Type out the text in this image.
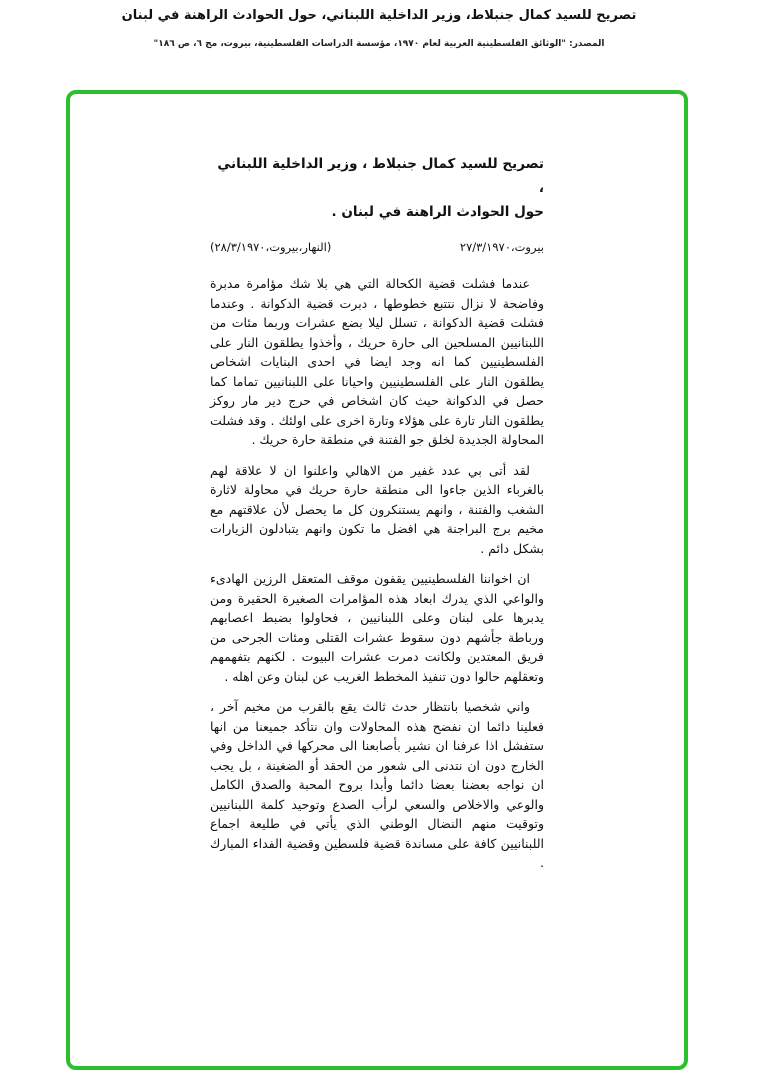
تصريح للسيد كمال جنبلاط، وزير الداخلية اللبناني، حول الحوادث الراهنة في لبنان
المصدر: "الوثائق الفلسطينية العربية لعام ١٩٧٠، مؤسسة الدراسات الفلسطينية، بيروت، مج ٦، ص ١٨٦"
تصريح للسيد كمال جنبلاط ، وزير الداخلية اللبناني ،
حول الحوادث الراهنة في لبنان .
بيروت،٢٧/٣/١٩٧٠
(النهار،بيروت،٢٨/٣/١٩٧٠)

عندما فشلت قضية الكحالة التي هي بلا شك مؤامرة مدبرة وفاضحة لا نزال نتتبع خطوطها ، دبرت قضية الدكوانة . وعندما فشلت قضية الدكوانة ، تسلل ليلا بضع عشرات وربما مئات من اللبنانيين المسلحين الى حارة حريك ، وأخذوا يطلقون النار على الفلسطينيين كما انه وجد ايضا في احدى البنايات اشخاص يطلقون النار على الفلسطينيين واحيانا على اللبنانيين تماما كما حصل في الدكوانة حيث كان اشخاص في حرج دير مار روكز يطلقون النار تارة على هؤلاء وتارة اخرى على اولئك . وقد فشلت المحاولة الجديدة لخلق جو الفتنة في منطقة حارة حريك .

لقد أتى بي عدد غفير من الاهالي واعلنوا ان لا علاقة لهم بالغرباء الذين جاءوا الى منطقة حارة حريك في محاولة لاثارة الشغب والفتنة ، وانهم يستنكرون كل ما يحصل لأن علاقتهم مع مخيم برج البراجنة هي افضل ما تكون وانهم يتبادلون الزيارات بشكل دائم .

ان اخواننا الفلسطينيين يقفون موقف المتعقل الرزين الهادىء والواعي الذي يدرك ابعاد هذه المؤامرات الصغيرة الحقيرة ومن يدبرها على لبنان وعلى اللبنانيين ، فحاولوا بضبط اعصابهم ورباطة جأشهم دون سقوط عشرات القتلى ومئات الجرحى من فريق المعتدين ولكانت دمرت عشرات البيوت . لكنهم بتفهمهم وتعقلهم حالوا دون تنفيذ المخطط الغريب عن لبنان وعن اهله .

واني شخصيا بانتظار حدث ثالث يقع بالقرب من مخيم آخر ، فعلينا دائما ان نفضح هذه المحاولات وان نتأكد جميعنا من انها ستفشل اذا عرفنا ان نشير بأصابعنا الى محركها في الداخل وفي الخارج دون ان نتدنى الى شعور من الحقد أو الضغينة ، بل يجب ان نواجه بعضنا بعضا دائما وأبدا بروح المحبة والصدق الكامل والوعي والاخلاص والسعي لرأب الصدع وتوحيد كلمة اللبنانيين وتوقيت منهم النضال الوطني الذي يأتي في طليعة اجماع اللبنانيين كافة على مساندة قضية فلسطين وقضية الفداء المبارك .
